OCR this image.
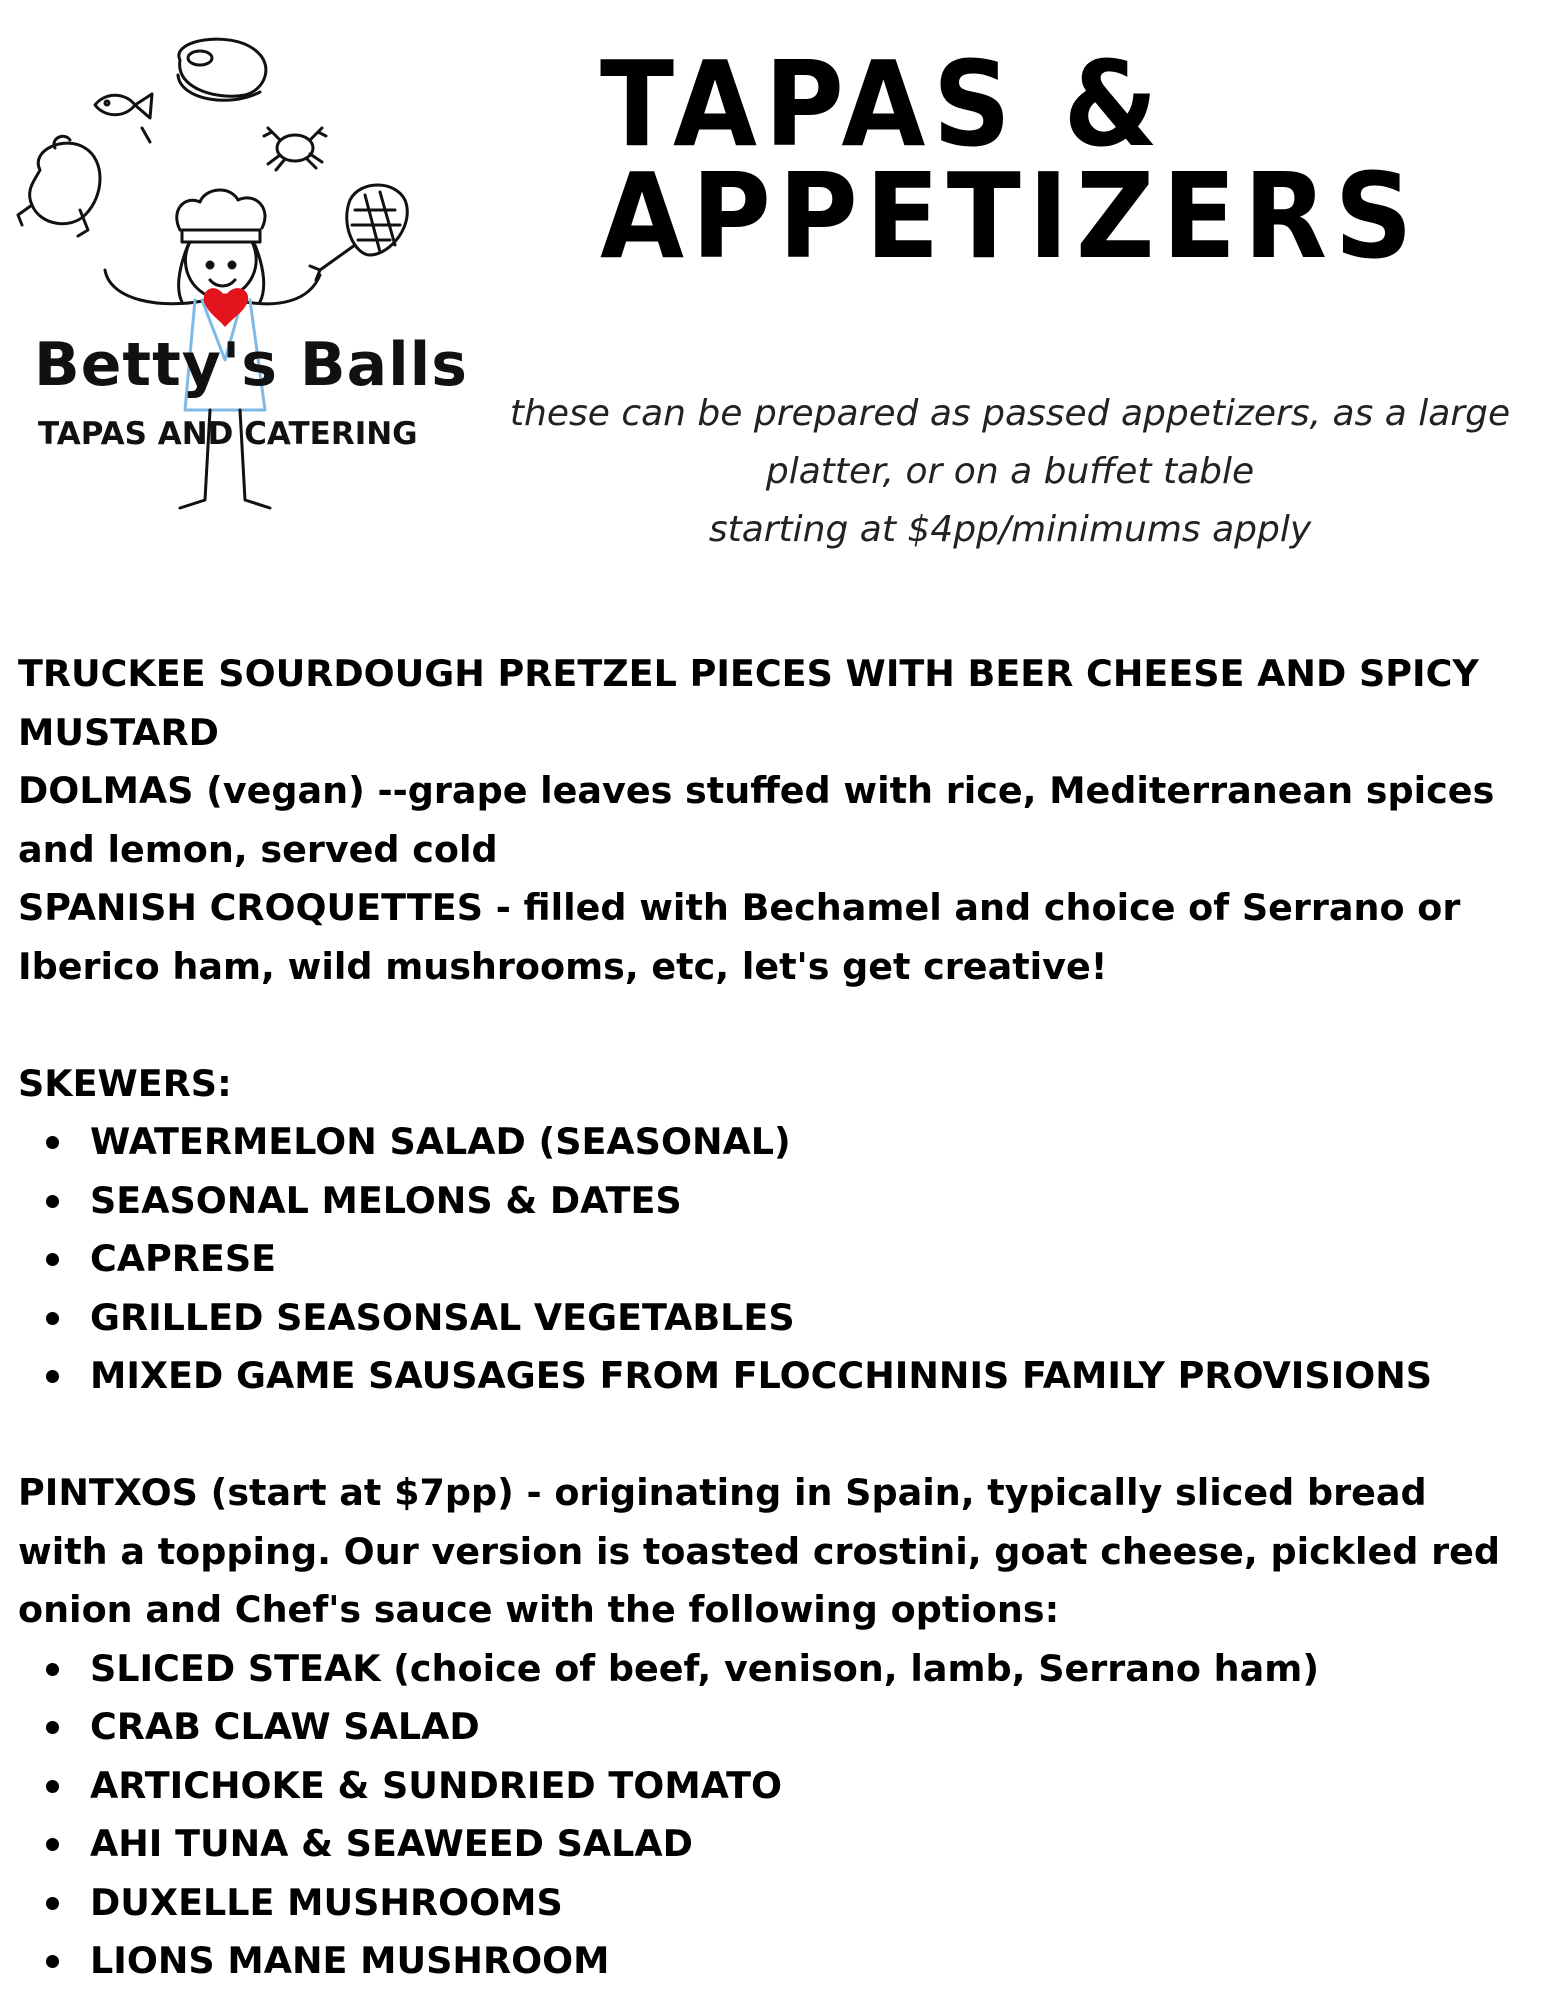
Betty's Balls
TAPAS AND CATERING
TAPAS &
APPETIZERS
these can be prepared as passed appetizers, as a large
platter, or on a buffet table
starting at $4pp/minimums apply

TRUCKEE SOURDOUGH PRETZEL PIECES WITH BEER CHEESE AND SPICY MUSTARD

DOLMAS (vegan) --grape leaves stuffed with rice, Mediterranean spices and lemon, served cold

SPANISH CROQUETTES - filled with Bechamel and choice of Serrano or Iberico ham, wild mushrooms, etc, let's get creative!

SKEWERS:

WATERMELON SALAD (SEASONAL)
SEASONAL MELONS & DATES
CAPRESE
GRILLED SEASONSAL VEGETABLES
MIXED GAME SAUSAGES FROM FLOCCHINNIS FAMILY PROVISIONS

PINTXOS (start at $7pp) - originating in Spain, typically sliced bread with a topping. Our version is toasted crostini, goat cheese, pickled red onion and Chef's sauce with the following options:

SLICED STEAK (choice of beef, venison, lamb, Serrano ham)
CRAB CLAW SALAD
ARTICHOKE & SUNDRIED TOMATO
AHI TUNA & SEAWEED SALAD
DUXELLE MUSHROOMS
LIONS MANE MUSHROOM
